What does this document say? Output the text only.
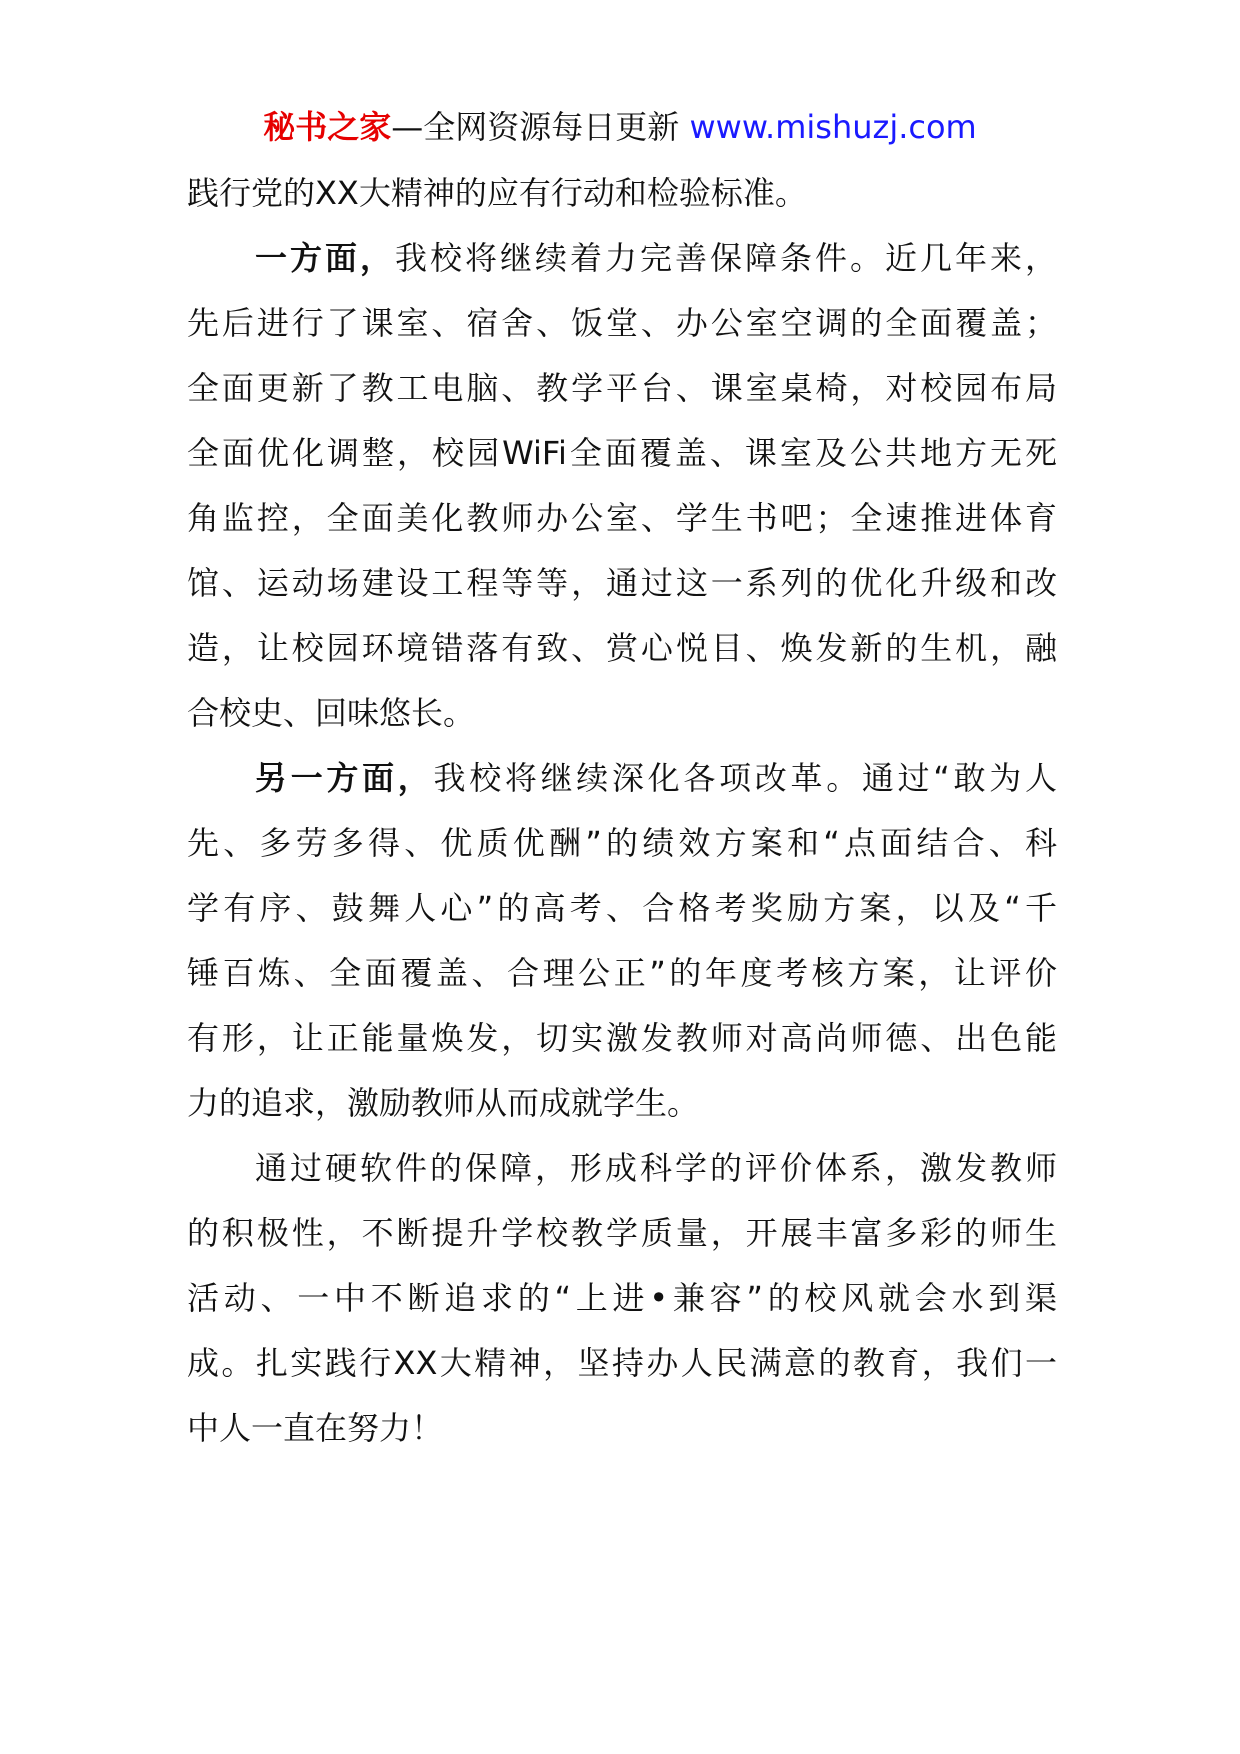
秘书之家—全网资源每日更新 www.mishuzj.com
践行党的XX大精神的应有行动和检验标准。
一方面，我校将继续着力完善保障条件。近几年来，
先后进行了课室、宿舍、饭堂、办公室空调的全面覆盖；
全面更新了教工电脑、教学平台、课室桌椅，对校园布局
全面优化调整，校园WiFi全面覆盖、课室及公共地方无死
角监控，全面美化教师办公室、学生书吧；全速推进体育
馆、运动场建设工程等等，通过这一系列的优化升级和改
造，让校园环境错落有致、赏心悦目、焕发新的生机，融
合校史、回味悠长。
另一方面，我校将继续深化各项改革。通过“敢为人
先、多劳多得、优质优酬”的绩效方案和“点面结合、科
学有序、鼓舞人心”的高考、合格考奖励方案，以及“千
锤百炼、全面覆盖、合理公正”的年度考核方案，让评价
有形，让正能量焕发，切实激发教师对高尚师德、出色能
力的追求，激励教师从而成就学生。
通过硬软件的保障，形成科学的评价体系，激发教师
的积极性，不断提升学校教学质量，开展丰富多彩的师生
活动、一中不断追求的“上进•兼容”的校风就会水到渠
成。扎实践行XX大精神，坚持办人民满意的教育，我们一
中人一直在努力！
